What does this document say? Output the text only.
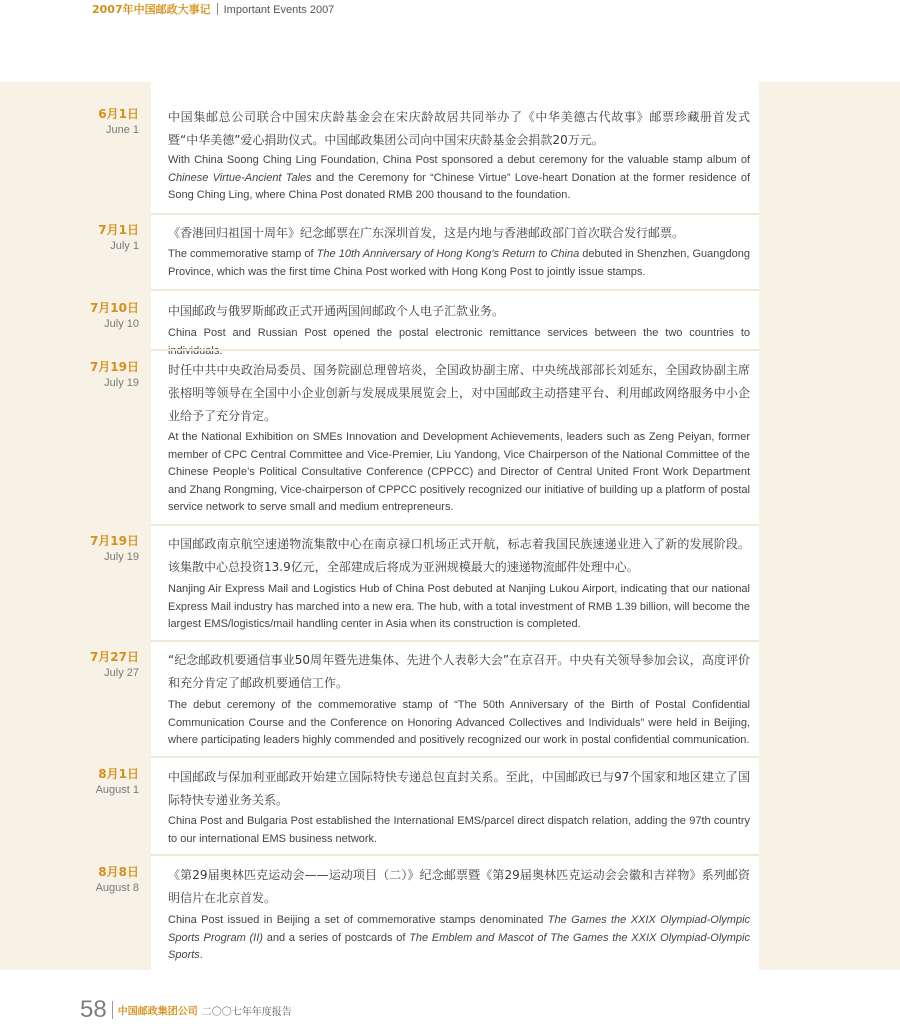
2007年中国邮政大事记 Important Events 2007
6月1日
June 1
中国集邮总公司联合中国宋庆龄基金会在宋庆龄故居共同举办了《中华美德古代故事》邮票珍藏册首发式暨“中华美德”爱心捐助仪式。中国邮政集团公司向中国宋庆龄基金会捐款20万元。
With China Soong Ching Ling Foundation, China Post sponsored a debut ceremony for the valuable stamp album of Chinese Virtue-Ancient Tales and the Ceremony for “Chinese Virtue” Love-heart Donation at the former residence of Song Ching Ling, where China Post donated RMB 200 thousand to the foundation.
7月1日
July 1
《香港回归祖国十周年》纪念邮票在广东深圳首发，这是内地与香港邮政部门首次联合发行邮票。
The commemorative stamp of The 10th Anniversary of Hong Kong’s Return to China debuted in Shenzhen, Guangdong Province, which was the first time China Post worked with Hong Kong Post to jointly issue stamps.
7月10日
July 10
中国邮政与俄罗斯邮政正式开通两国间邮政个人电子汇款业务。
China Post and Russian Post opened the postal electronic remittance services between the two countries to
7月19日
July 19
时任中共中央政治局委员、国务院副总理曾培炎，全国政协副主席、中央统战部部长刘延东，全国政协副主席张榕明等领导在全国中小企业创新与发展成果展览会上，对中国邮政主动搭建平台、利用邮政网络服务中小企业给予了充分肯定。
At the National Exhibition on SMEs Innovation and Development Achievements, leaders such as Zeng Peiyan, former member of CPC Central Committee and Vice-Premier, Liu Yandong, Vice Chairperson of the National Committee of the Chinese People’s Political Consultative Conference (CPPCC) and Director of Central United Front Work Department and Zhang Rongming, Vice-chairperson of CPPCC positively recognized our initiative of building up a platform of postal service network to serve small and medium entrepreneurs.
7月19日
July 19
中国邮政南京航空速递物流集散中心在南京禄口机场正式开航，标志着我国民族速递业进入了新的发展阶段。该集散中心总投资13.9亿元，全部建成后将成为亚洲规模最大的速递物流邮件处理中心。
Nanjing Air Express Mail and Logistics Hub of China Post debuted at Nanjing Lukou Airport, indicating that our national Express Mail industry has marched into a new era. The hub, with a total investment of RMB 1.39 billion, will become the largest EMS/logistics/mail handling center in Asia when its construction is completed.
7月27日
July 27
“纪念邮政机要通信事业50周年暨先进集体、先进个人表彰大会”在京召开。中央有关领导参加会议，高度评价和充分肯定了邮政机要通信工作。
The debut ceremony of the commemorative stamp of “The 50th Anniversary of the Birth of Postal Confidential Communication Course and the Conference on Honoring Advanced Collectives and Individuals” were held in Beijing, where participating leaders highly commended and positively recognized our work in postal confidential communication.
8月1日
August 1
中国邮政与保加利亚邮政开始建立国际特快专递总包直封关系。至此，中国邮政已与97个国家和地区建立了国际特快专递业务关系。
China Post and Bulgaria Post established the International EMS/parcel direct dispatch relation, adding the 97th country to our international EMS business network.
8月8日
August 8
《第29届奥林匹克运动会——运动项目（二）》纪念邮票暨《第29届奥林匹克运动会会徽和吉祥物》系列邮资明信片在北京首发。
China Post issued in Beijing a set of commemorative stamps denominated The Games the XXIX Olympiad-Olympic Sports Program (II) and a series of postcards of The Emblem and Mascot of The Games the XXIX Olympiad-Olympic Sports.
58 中国邮政集团公司 二〇〇七年年度报告
